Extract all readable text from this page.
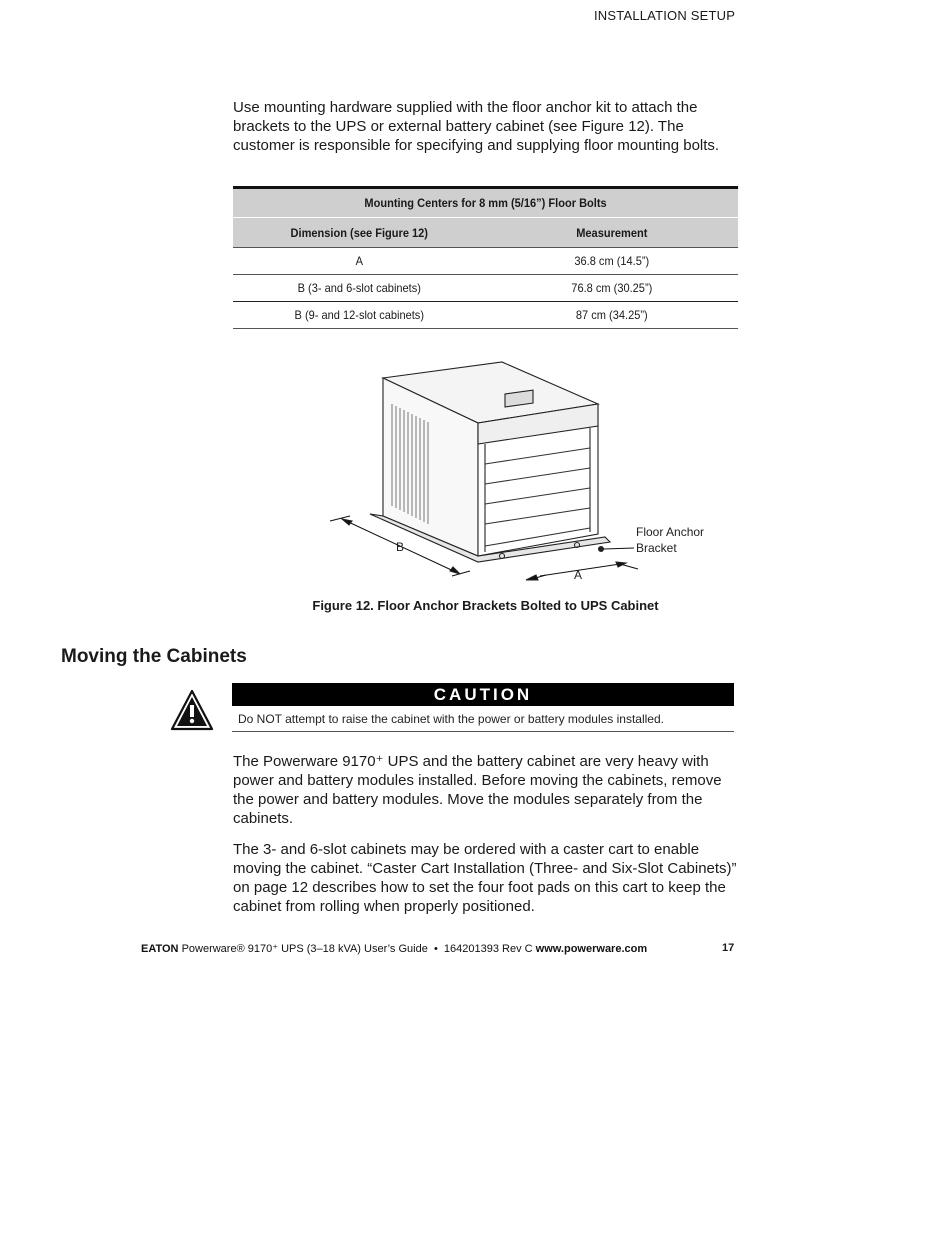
INSTALLATION SETUP

Use mounting hardware supplied with the floor anchor kit to attach the brackets to the UPS or external battery cabinet (see Figure 12). The customer is responsible for specifying and supplying floor mounting bolts.

Mounting Centers for 8 mm (5/16”) Floor Bolts	
Dimension (see Figure 12)	Measurement
A	36.8 cm (14.5”)
B (3- and 6-slot cabinets)	76.8 cm (30.25”)
B (9- and 12-slot cabinets)	87 cm (34.25”)
B
A
Floor Anchor
Bracket
Figure 12. Floor Anchor Brackets Bolted to UPS Cabinet
Moving the Cabinets
CAUTION
Do NOT attempt to raise the cabinet with the power or battery modules installed.

The Powerware 9170⁺ UPS and the battery cabinet are very heavy with power and battery modules installed. Before moving the cabinets, remove the power and battery modules. Move the modules separately from the cabinets.

The 3- and 6-slot cabinets may be ordered with a caster cart to enable moving the cabinet. “Caster Cart Installation (Three- and Six-Slot Cabinets)” on page 12 describes how to set the four foot pads on this cart to keep the cabinet from rolling when properly positioned.

EATON Powerware® 9170⁺ UPS (3–18 kVA) User’s Guide • 164201393 Rev C www.powerware.com	17
